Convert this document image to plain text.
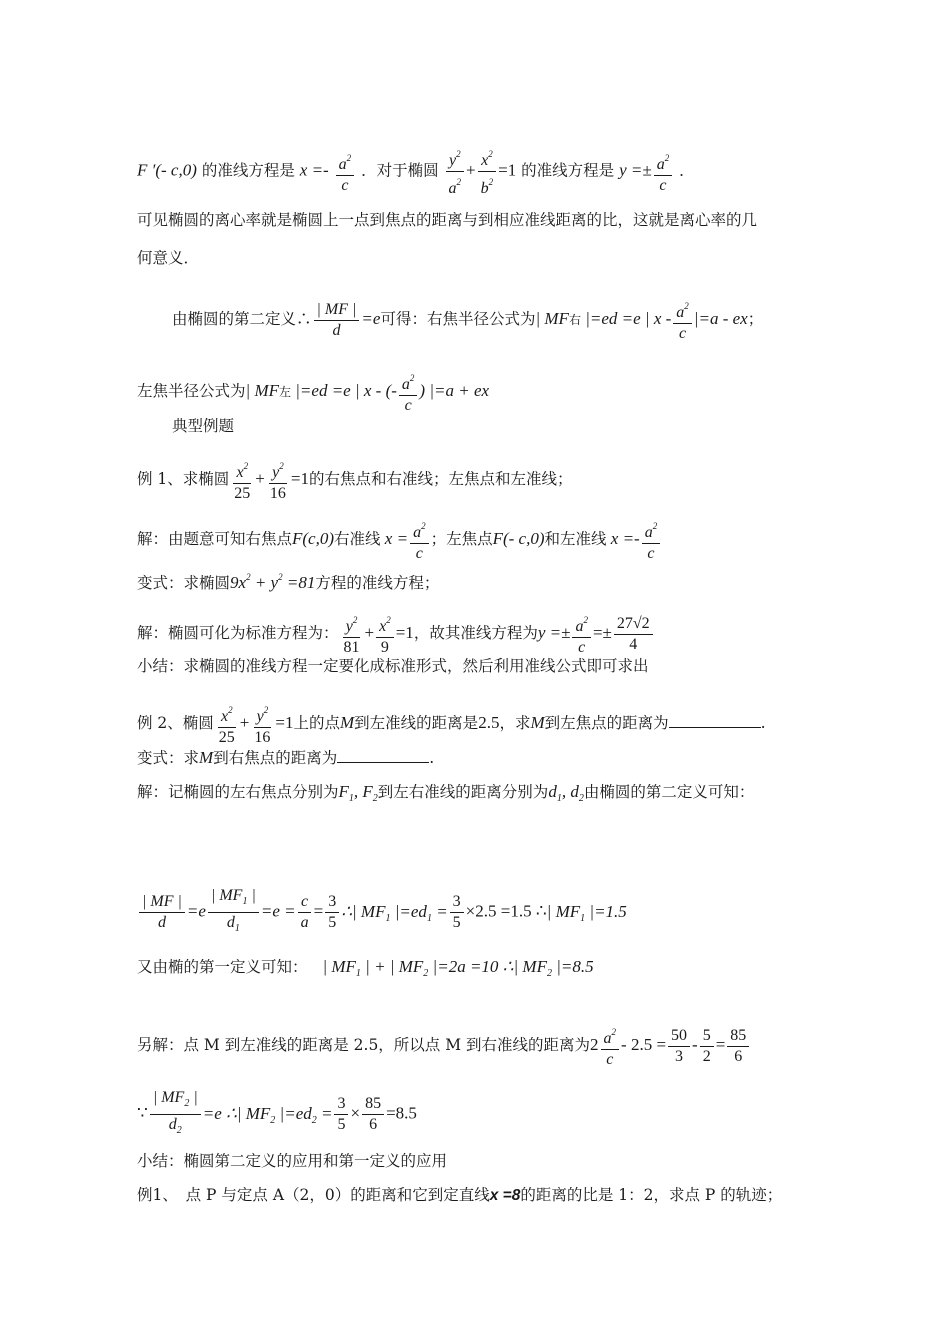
F ′(- c,0) 的准线方程是 $x =- \frac{a^2}{c}$ ．对于椭圆 $\frac{y^2}{a^2} + \frac{x^2}{b^2} =1$ 的准线方程是 $y =\pm \frac{a^2}{c}$ ．
可见椭圆的离心率就是椭圆上一点到焦点的距离与到相应准线距离的比，这就是离心率的几
何意义．
由椭圆的第二定义∴ $\frac{| MF |}{d} =e$可得：右焦半径公式为| MF右 |=ed =e | $x - \frac{a^2}{c} |=a$ - ex；
左焦半径公式为| MF左 |=ed =e | x - (- $\frac{a^2}{c}$ ) |=a + ex
典型例题
例 1、求椭圆 $\frac{x^2}{25} + \frac{y^2}{16} =1$的右焦点和右准线；左焦点和左准线；
解：由题意可知右焦点F(c,0)右准线 $x = \frac{a^2}{c}$ ；左焦点F(- c,0)和左准线 $x =- \frac{a^2}{c}$
变式：求椭圆$9x^2 + y^2 =81$方程的准线方程；
解：椭圆可化为标准方程为： $\frac{y^2}{81} + \frac{x^2}{9} =1$，故其准线方程为$y =\pm \frac{a^2}{c} =\pm \frac{27√2}{4}$
小结：求椭圆的准线方程一定要化成标准形式，然后利用准线公式即可求出
例 2、椭圆 $\frac{x^2}{25} + \frac{y^2}{16} =1$上的点M到左准线的距离是2.5，求M到左焦点的距离为	.
变式：求M到右焦点的距离为	.
解：记椭圆的左右焦点分别为$F_1$, $F_2$到左右准线的距离分别为$d_1$, $d_2$由椭圆的第二定义可知：
$\frac{| MF |}{d} =e \frac{| MF_1 |}{d_1} =e = \frac{c}{a} = \frac{3}{5}$ ∴| $MF_1$ $|=ed_1 = \frac{3}{5} \times 2.5 =1.5$ ∴| $MF_1$ |=1.5
又由椭的第一定义可知： | $MF_1$ | + | $MF_2$ |=2a =10 ∴| $MF_2$ |=8.5
另解：点 M 到左准线的距离是 2.5，所以点 M 到右准线的距离为$2 \frac{a^2}{c} - 2.5 = \frac{50}{3} - \frac{5}{2} = \frac{85}{6}$
∵ $\frac{| MF_2 |}{d_2} =e$ ∴| $MF_2$ $|=ed_2 = \frac{3}{5} \times \frac{85}{6} =8.5$
小结：椭圆第二定义的应用和第一定义的应用
例1、　点 P 与定点 A（2，0）的距离和它到定直线x =8的距离的比是 1：2，求点 P 的轨迹；
